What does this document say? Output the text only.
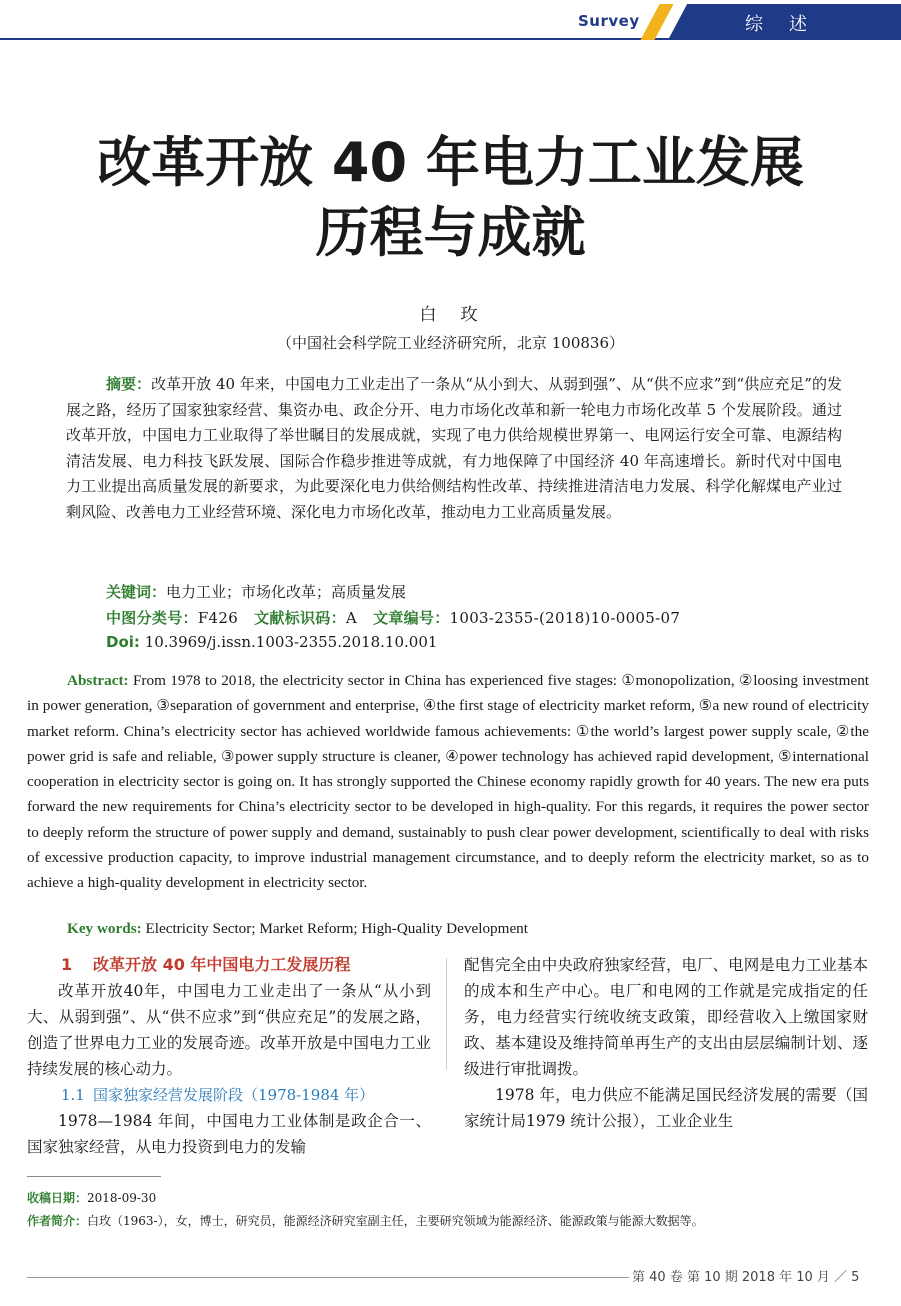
Survey	综述
改革开放 40 年电力工业发展
历程与成就
白玫
（中国社会科学院工业经济研究所，北京 100836）
摘要：改革开放 40 年来，中国电力工业走出了一条从“从小到大、从弱到强”、从“供不应求”到“供应充足”的发展之路，经历了国家独家经营、集资办电、政企分开、电力市场化改革和新一轮电力市场化改革 5 个发展阶段。通过改革开放，中国电力工业取得了举世瞩目的发展成就，实现了电力供给规模世界第一、电网运行安全可靠、电源结构清洁发展、电力科技飞跃发展、国际合作稳步推进等成就，有力地保障了中国经济 40 年高速增长。新时代对中国电力工业提出高质量发展的新要求，为此要深化电力供给侧结构性改革、持续推进清洁电力发展、科学化解煤电产业过剩风险、改善电力工业经营环境、深化电力市场化改革，推动电力工业高质量发展。
关键词：电力工业；市场化改革；高质量发展
中图分类号：F426 文献标识码：A 文章编号：1003-2355-(2018)10-0005-07
Doi: 10.3969/j.issn.1003-2355.2018.10.001
Abstract: From 1978 to 2018, the electricity sector in China has experienced five stages: ①monopolization, ②loosing investment in power generation, ③separation of government and enterprise, ④the first stage of electricity market reform, ⑤a new round of electricity market reform. China’s electricity sector has achieved worldwide famous achievements: ①the world’s largest power supply scale, ②the power grid is safe and reliable, ③power supply structure is cleaner, ④power technology has achieved rapid development, ⑤international cooperation in electricity sector is going on. It has strongly supported the Chinese economy rapidly growth for 40 years. The new era puts forward the new requirements for China’s electricity sector to be developed in high-quality. For this regards, it requires the power sector to deeply reform the structure of power supply and demand, sustainably to push clear power development, scientifically to deal with risks of excessive production capacity, to improve industrial management circumstance, and to deeply reform the electricity market, so as to achieve a high-quality development in electricity sector.
Key words: Electricity Sector; Market Reform; High-Quality Development
1 改革开放 40 年中国电力工发展历程

改革开放40年，中国电力工业走出了一条从“从小到大、从弱到强”、从“供不应求”到“供应充足”的发展之路，创造了世界电力工业的发展奇迹。改革开放是中国电力工业持续发展的核心动力。

1.1 国家独家经营发展阶段（1978-1984 年）

1978—1984 年间，中国电力工业体制是政企合一、国家独家经营，从电力投资到电力的发输

配售完全由中央政府独家经营，电厂、电网是电力工业基本的成本和生产中心。电厂和电网的工作就是完成指定的任务，电力经营实行统收统支政策，即经营收入上缴国家财政、基本建设及维持简单再生产的支出由层层编制计划、逐级进行审批调拨。

1978 年，电力供应不能满足国民经济发展的需要（国家统计局1979 统计公报），工业企业生

收稿日期：2018-09-30
作者简介：白玫（1963-），女，博士，研究员，能源经济研究室副主任，主要研究领域为能源经济、能源政策与能源大数据等。
第 40 卷 第 10 期 2018 年 10 月 ／ 5
